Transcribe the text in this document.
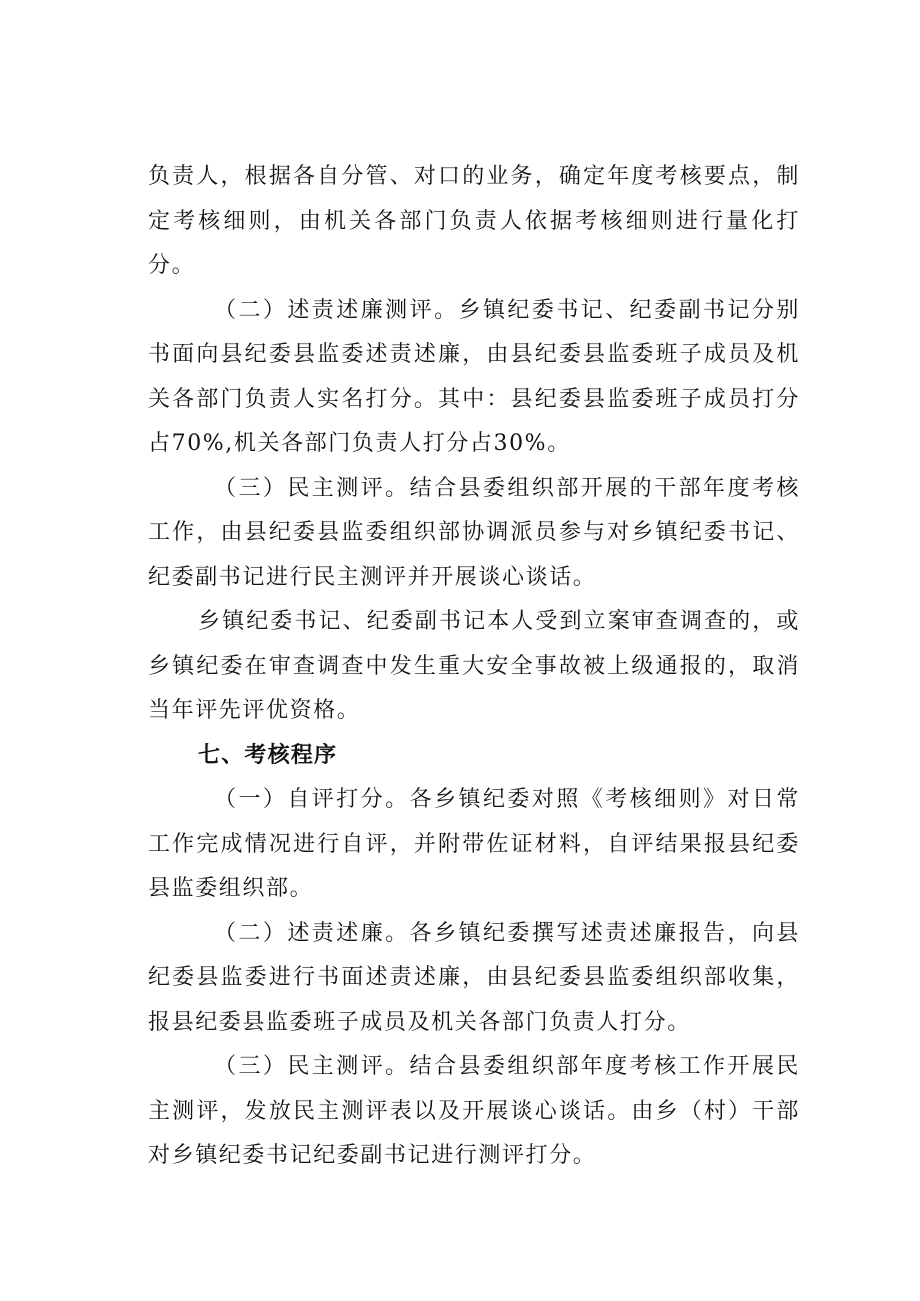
负责人，根据各自分管、对口的业务，确定年度考核要点，制定考核细则，由机关各部门负责人依据考核细则进行量化打分。

（二）述责述廉测评。乡镇纪委书记、纪委副书记分别书面向县纪委县监委述责述廉，由县纪委县监委班子成员及机关各部门负责人实名打分。其中：县纪委县监委班子成员打分占70%,机关各部门负责人打分占30%。

（三）民主测评。结合县委组织部开展的干部年度考核工作，由县纪委县监委组织部协调派员参与对乡镇纪委书记、纪委副书记进行民主测评并开展谈心谈话。

乡镇纪委书记、纪委副书记本人受到立案审查调查的，或乡镇纪委在审查调查中发生重大安全事故被上级通报的，取消当年评先评优资格。

七、考核程序

（一）自评打分。各乡镇纪委对照《考核细则》对日常工作完成情况进行自评，并附带佐证材料，自评结果报县纪委县监委组织部。

（二）述责述廉。各乡镇纪委撰写述责述廉报告，向县纪委县监委进行书面述责述廉，由县纪委县监委组织部收集，报县纪委县监委班子成员及机关各部门负责人打分。

（三）民主测评。结合县委组织部年度考核工作开展民主测评，发放民主测评表以及开展谈心谈话。由乡（村）干部对乡镇纪委书记纪委副书记进行测评打分。
